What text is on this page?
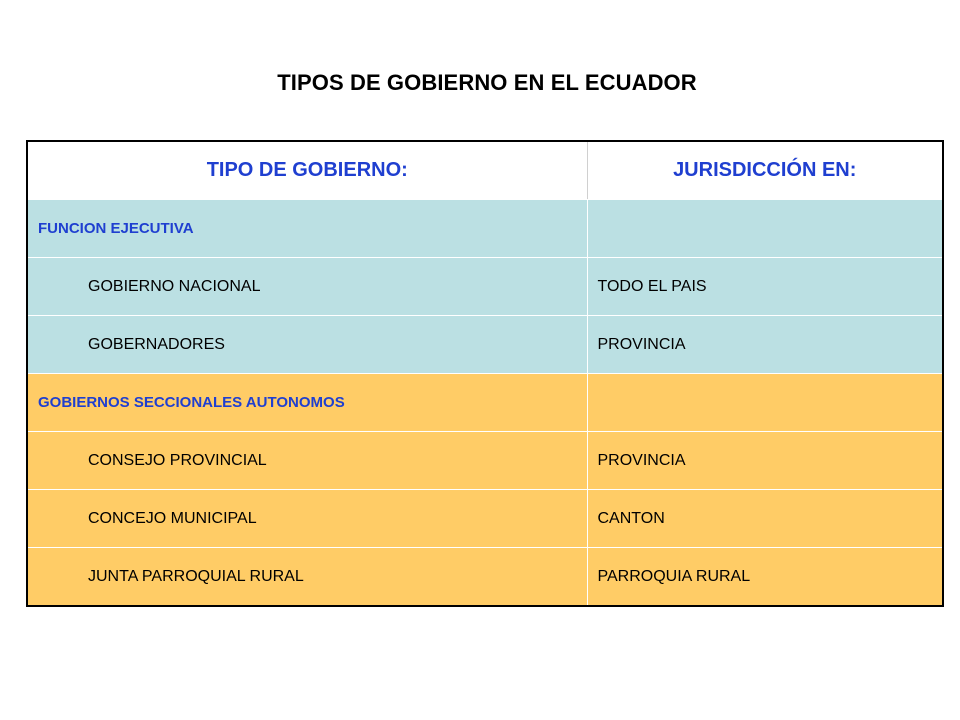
TIPOS DE GOBIERNO EN EL ECUADOR
TIPO DE GOBIERNO:	JURISDICCIÓN EN:
FUNCION EJECUTIVA	
GOBIERNO NACIONAL	TODO EL PAIS
GOBERNADORES	PROVINCIA
GOBIERNOS SECCIONALES AUTONOMOS	
CONSEJO PROVINCIAL	PROVINCIA
CONCEJO MUNICIPAL	CANTON
JUNTA PARROQUIAL RURAL	PARROQUIA RURAL
